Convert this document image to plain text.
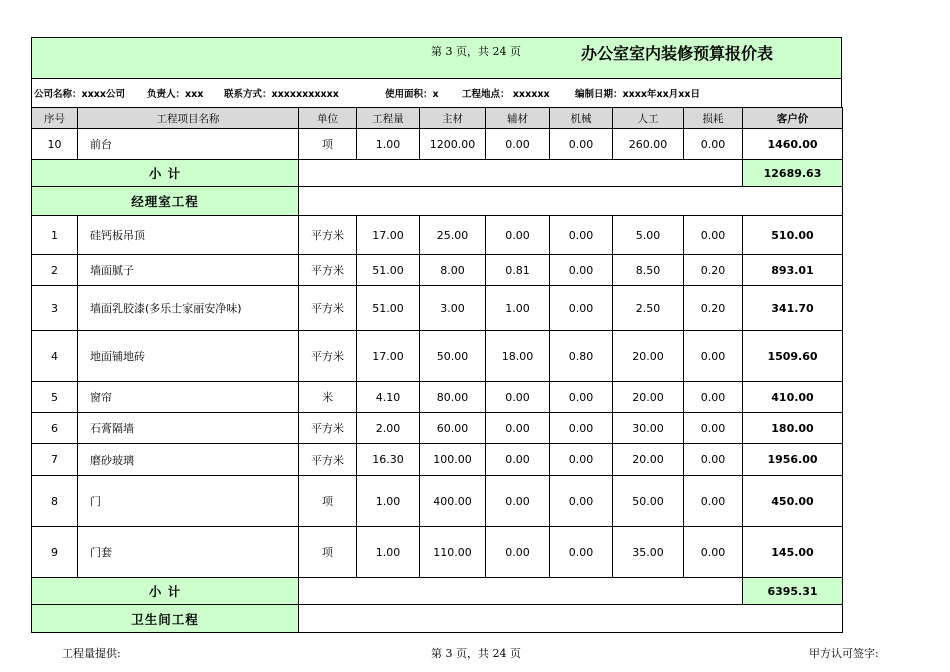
第 3 页，共 24 页	办公室室内装修预算报价表
公司名称：xxxx公司	负责人：xxx	联系方式：xxxxxxxxxxx	使用面积：x	工程地点： xxxxxx	编制日期：xxxx年xx月xx日
序号	工程项目名称	单位	工程量	主材	辅材	机械	人工	损耗	客户价
10	前台	项	1.00	1200.00	0.00	0.00	260.00	0.00	1460.00
小 计									12689.63
经理室工程									
1	硅钙板吊顶	平方米	17.00	25.00	0.00	0.00	5.00	0.00	510.00
2	墙面腻子	平方米	51.00	8.00	0.81	0.00	8.50	0.20	893.01
3	墙面乳胶漆(多乐士家丽安净味)	平方米	51.00	3.00	1.00	0.00	2.50	0.20	341.70
4	地面铺地砖	平方米	17.00	50.00	18.00	0.80	20.00	0.00	1509.60
5	窗帘	米	4.10	80.00	0.00	0.00	20.00	0.00	410.00
6	石膏隔墙	平方米	2.00	60.00	0.00	0.00	30.00	0.00	180.00
7	磨砂玻璃	平方米	16.30	100.00	0.00	0.00	20.00	0.00	1956.00
8	门	项	1.00	400.00	0.00	0.00	50.00	0.00	450.00
9	门套	项	1.00	110.00	0.00	0.00	35.00	0.00	145.00
小 计									6395.31
卫生间工程									
工程量提供:	第 3 页，共 24 页	甲方认可签字:
